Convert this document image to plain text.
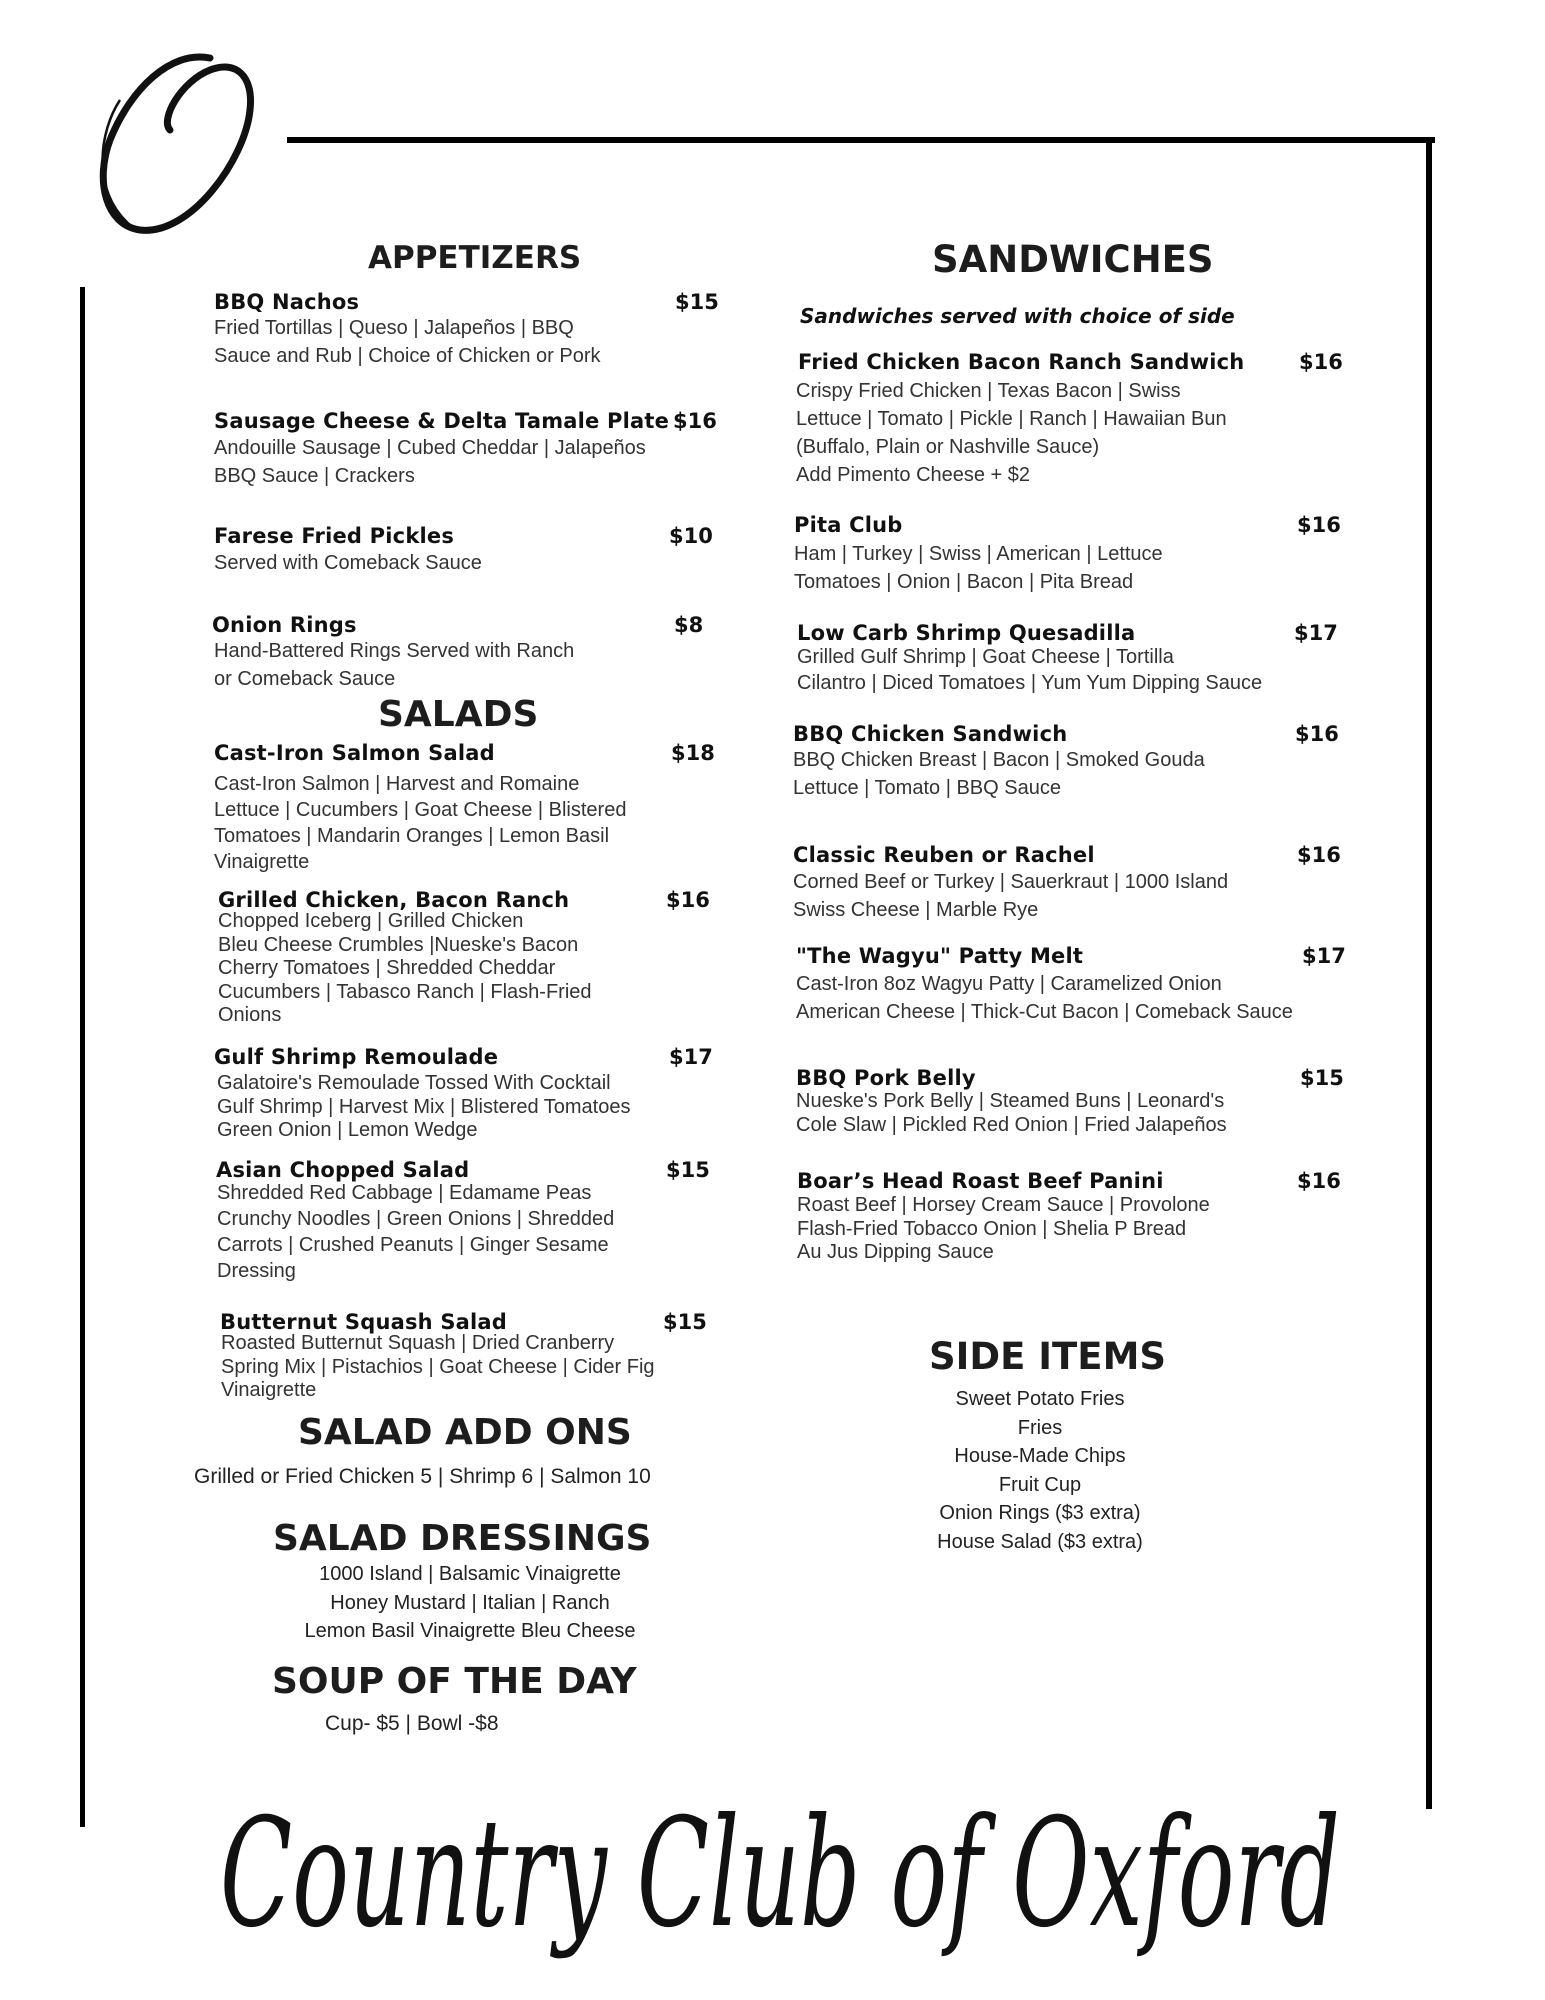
O
APPETIZERS
BBQ Nachos	$15
Fried Tortillas | Queso | Jalapeños | BBQ
Sauce and Rub | Choice of Chicken or Pork
Sausage Cheese & Delta Tamale Plate $16
Andouille Sausage | Cubed Cheddar | Jalapeños
BBQ Sauce | Crackers
Farese Fried Pickles	$10
Served with Comeback Sauce
Onion Rings	$8
Hand-Battered Rings Served with Ranch
or Comeback Sauce
SALADS
Cast-Iron Salmon Salad	$18
Cast-Iron Salmon | Harvest and Romaine
Lettuce | Cucumbers | Goat Cheese | Blistered
Tomatoes | Mandarin Oranges | Lemon Basil
Vinaigrette
Grilled Chicken, Bacon Ranch	$16
Chopped Iceberg | Grilled Chicken
Bleu Cheese Crumbles |Nueske's Bacon
Cherry Tomatoes | Shredded Cheddar
Cucumbers | Tabasco Ranch | Flash-Fried
Onions
Gulf Shrimp Remoulade	$17
Galatoire's Remoulade Tossed With Cocktail
Gulf Shrimp | Harvest Mix | Blistered Tomatoes
Green Onion | Lemon Wedge
Asian Chopped Salad	$15
Shredded Red Cabbage | Edamame Peas
Crunchy Noodles | Green Onions | Shredded
Carrots | Crushed Peanuts | Ginger Sesame
Dressing
Butternut Squash Salad	$15
Roasted Butternut Squash | Dried Cranberry
Spring Mix | Pistachios | Goat Cheese | Cider Fig
Vinaigrette
SALAD ADD ONS
Grilled or Fried Chicken 5 | Shrimp 6 | Salmon 10
SALAD DRESSINGS
1000 Island | Balsamic Vinaigrette
Honey Mustard | Italian | Ranch
Lemon Basil Vinaigrette Bleu Cheese
SOUP OF THE DAY
Cup- $5 | Bowl -$8
SANDWICHES
Sandwiches served with choice of side
Fried Chicken Bacon Ranch Sandwich	$16
Crispy Fried Chicken | Texas Bacon | Swiss
Lettuce | Tomato | Pickle | Ranch | Hawaiian Bun
(Buffalo, Plain or Nashville Sauce)
Add Pimento Cheese + $2
Pita Club	$16
Ham | Turkey | Swiss | American | Lettuce
Tomatoes | Onion | Bacon | Pita Bread
Low Carb Shrimp Quesadilla	$17
Grilled Gulf Shrimp | Goat Cheese | Tortilla
Cilantro | Diced Tomatoes | Yum Yum Dipping Sauce
BBQ Chicken Sandwich	$16
BBQ Chicken Breast | Bacon | Smoked Gouda
Lettuce | Tomato | BBQ Sauce
Classic Reuben or Rachel	$16
Corned Beef or Turkey | Sauerkraut | 1000 Island
Swiss Cheese | Marble Rye
"The Wagyu" Patty Melt	$17
Cast-Iron 8oz Wagyu Patty | Caramelized Onion
American Cheese | Thick-Cut Bacon | Comeback Sauce
BBQ Pork Belly	$15
Nueske's Pork Belly | Steamed Buns | Leonard's
Cole Slaw | Pickled Red Onion | Fried Jalapeños
Boar’s Head Roast Beef Panini	$16
Roast Beef | Horsey Cream Sauce | Provolone
Flash-Fried Tobacco Onion | Shelia P Bread
Au Jus Dipping Sauce
SIDE ITEMS
Sweet Potato Fries
Fries
House-Made Chips
Fruit Cup
Onion Rings ($3 extra)
House Salad ($3 extra)
Country Club of Oxford
